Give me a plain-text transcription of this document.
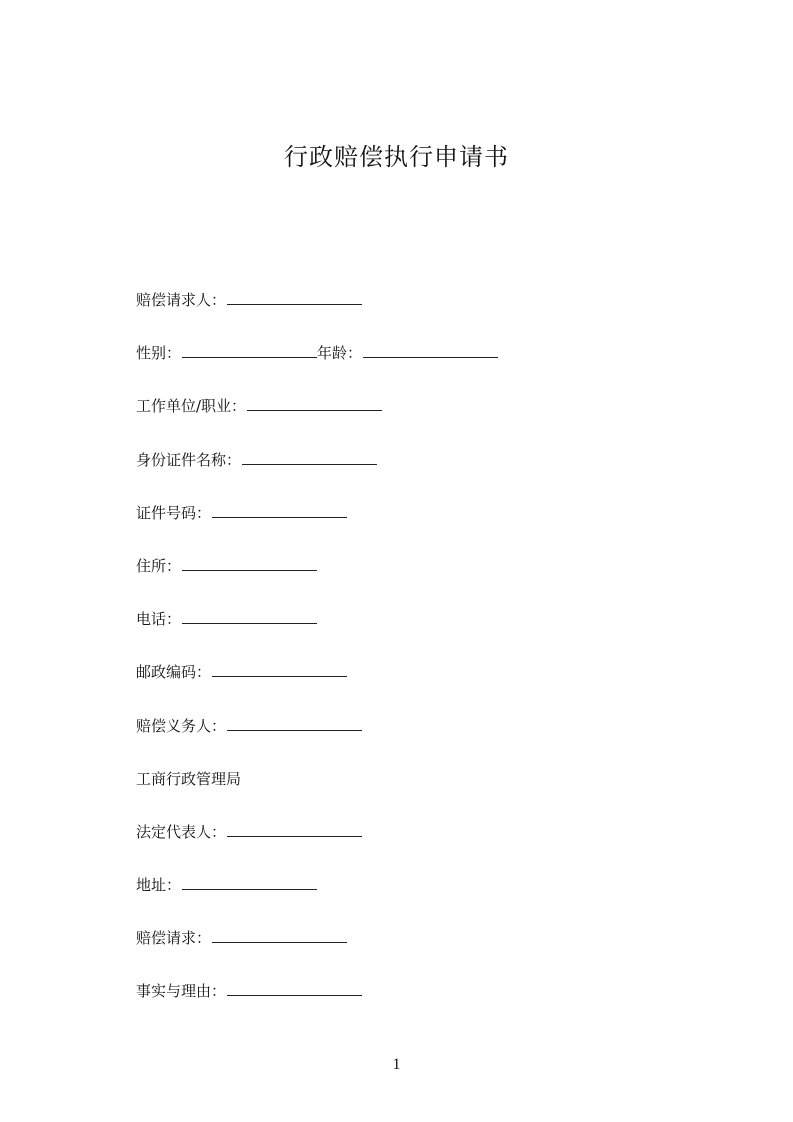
行政赔偿执行申请书
赔偿请求人：
性别：	年龄：
工作单位/职业：
身份证件名称：
证件号码：
住所：
电话：
邮政编码：
赔偿义务人：
工商行政管理局
法定代表人：
地址：
赔偿请求：
事实与理由：
1
